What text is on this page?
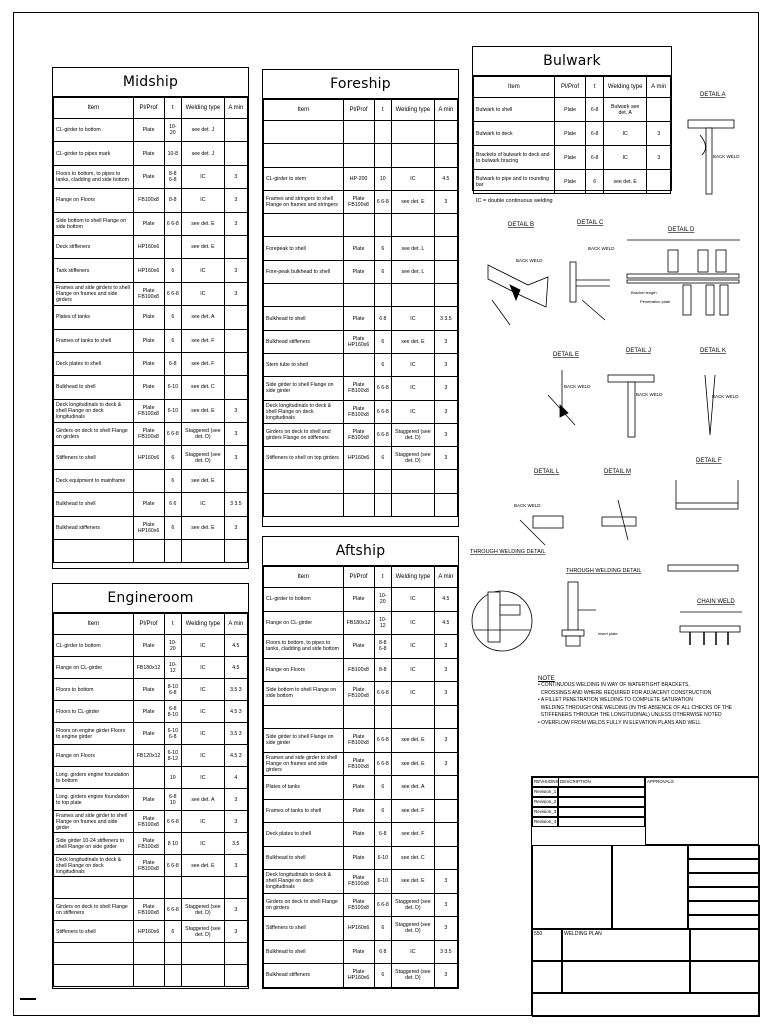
Midship
Item	Pl/Prof	t	Welding type	A min
CL-girder to bottom	Plate	10-20	see det. J	
CL-girder to pipes mark	Plate	10-8	see det. J	
Floors to bottom, to pipes to tanks, cladding and side bottom	Plate	8-8 6-8	IC	3
Flange on Floors	FB100x8	8-8	IC	3
Side bottom to shell Flange on side bottom	Plate	6 6-8	see det. E	3
Deck stiffeners	HP160x6		see det. E	
Tank stiffeners	HP160x6	6	IC	3
Frames and side girders to shell Flange on frames and side girders	Plate FB100x8	6 6-8	IC	3
Plates of tanks	Plate	6	see det. A	
Frames of tanks to shell	Plate	6	see det. F	
Deck plates to shell	Plate	6-8	see det. F	
Bulkhead to shell	Plate	6-10	see det. C	
Deck longitudinals to deck & shell Flange on deck longitudinals	Plate FB100x8	6-10	see det. E	3
Girders on deck to shell Flange on girders	Plate FB100x8	6 6-8	Staggered (see det. D)	3
Stiffeners to shell	HP160x6	6	Staggered (see det. D)	3
Deck equipment to mainframe		6	see det. E	
Bulkhead to shell	Plate	6 6	IC	3 3.5
Bulkhead stiffeners	Plate HP160x6	6	see det. E	3

Foreship
Item	Pl/Prof	t	Welding type	A min

CL-girder to stem	HP-200	10	IC	4.5
Frames and stringers to shell Flange on frames and stringers	Plate FB100x8	6 6-8	see det. E	3

Forepeak to shell	Plate	6	see det. L	
Fore-peak bulkhead to shell	Plate	6	see det. L	

Bulkhead to shell	Plate	6 8	IC	3 3.5
Bulkhead stiffeners	Plate HP160x6	6	see det. E	3
Stern tube to shell		6	IC	3
Side girder to shell Flange on side girder	Plate FB100x8	6 6-8	IC	3
Deck longitudinals to deck & shell Flange on deck longitudinals	Plate FB100x8	6 6-8	IC	3
Girders on deck to shell and girders Flange on stiffeners	Plate FB100x8	6 6-8	Staggered (see det. D)	3
Stiffeners to shell on top girders	HP160x6	6	Staggered (see det. D)	3

Engineroom
Item	Pl/Prof	t	Welding type	A min
CL-girder to bottom	Plate	10-20	IC	4.5
Flange on CL-girder	FB180x12	10-12	IC	4.5
Floors to bottom	Plate	8-10 6-8	IC	3.5 3
Floors to CL-girder	Plate	6-8 8-10	IC	4.5 3
Floors on engine girder Floors to engine girder	Plate	6-10 6-8	IC	3.5 3
Flange on Floors	FB120x12	6-10 8-12	IC	4.5 3
Long. girders engine foundation to bottom		10	IC	4
Long. girders engine foundation to top plate	Plate	6-8 10	see det. A	3
Frames and side girder to shell Flange on frames and side girder	Plate FB100x8	6 6-8	IC	3
Side girder 10-24 stiffeners to shell Flange on side girder	Plate FB100x8	8 10	IC	3.5
Deck longitudinals to deck & shell Flange on deck longitudinals	Plate FB100x8	6 6-8	see det. E	3

Girders on deck to shell Flange on stiffeners	Plate FB100x8	6 6-8	Staggered (see det. D)	3
Stiffeners to shell	HP160x6	6	Staggered (see det. D)	3

Aftship
Item	Pl/Prof	t	Welding type	A min
CL-girder to bottom	Plate	10-20	IC	4.5
Flange on CL-girder	FB180x12	10-12	IC	4.5
Floors to bottom, to pipes to tanks, cladding and side bottom	Plate	8-8 6-8	IC	3
Flange on Floors	FB100x8	8-8	IC	3
Side bottom to shell Flange on side bottom	Plate FB100x8	6 6-8	IC	3

Side girder to shell Flange on side girder	Plate FB100x8	6 6-8	see det. E	3
Frames and side girder to shell Flange on frames and side girders	Plate FB100x8	6 6-8	see det. E	3
Plates of tanks	Plate	6	see det. A	
Frames of tanks to shell	Plate	6	see det. F	
Deck plates to shell	Plate	6-8	see det. F	
Bulkhead to shell	Plate	6-10	see det. C	
Deck longitudinals to deck & shell Flange on deck longitudinals	Plate FB100x8	6-10	see det. E	3
Girders on deck to shell Flange on girders	Plate FB100x8	6 6-8	Staggered (see det. D)	3
Stiffeners to shell	HP160x6	6	Staggered (see det. D)	3
Bulkhead to shell	Plate	6 8	IC	3 3.5
Bulkhead stiffeners	Plate HP160x6	6	Staggered (see det. D)	3
Bulwark
Item	Pl/Prof	t	Welding type	A min
Bulwark to shell	Plate	6-8	Bulwark see det. A	
Bulwark to deck	Plate	6-8	IC	3
Brackets of bulwark to deck and to bulwark bracing	Plate	6-8	IC	3
Bulwark to pipe and to rounding bar	Plate	6	see det. E	
IC = double continuous welding
DETAIL A
DETAIL B	DETAIL C
DETAIL D
DETAIL E
DETAIL J	DETAIL K
DETAIL L	DETAIL M
DETAIL F
THROUGH WELDING DETAIL
THROUGH WELDING DETAIL
CHAIN WELD
BACK WELD
BACK WELD
BACK WELD
BACK WELD
BACK WELD	BACK WELD
BACK WELD
Bracket length
insert plate
Penetration plate
NOTE
• CONTINUOUS WELDING IN WAY OF WATERTIGHT BRACKETS,
CROSSINGS AND WHERE REQUIRED FOR ADJACENT CONSTRUCTION
• A FILLET PENETRATION WELDING TO COMPLETE SATURATION
WELDING THROUGH ONE WELDING (IN THE ABSENCE OF ALL CHECKS OF THE
STIFFENERS THROUGH THE LONGITUDINAL) UNLESS OTHERWISE NOTED
• OVERFLOW FROM WELDS FULLY IN ELEVATION PLANS AND WELL
REVISIONS DESCRIPTION	APPROVALS
Revision_1
Revision_2
Revision_3
Revision_4
550	WELDING PLAN
